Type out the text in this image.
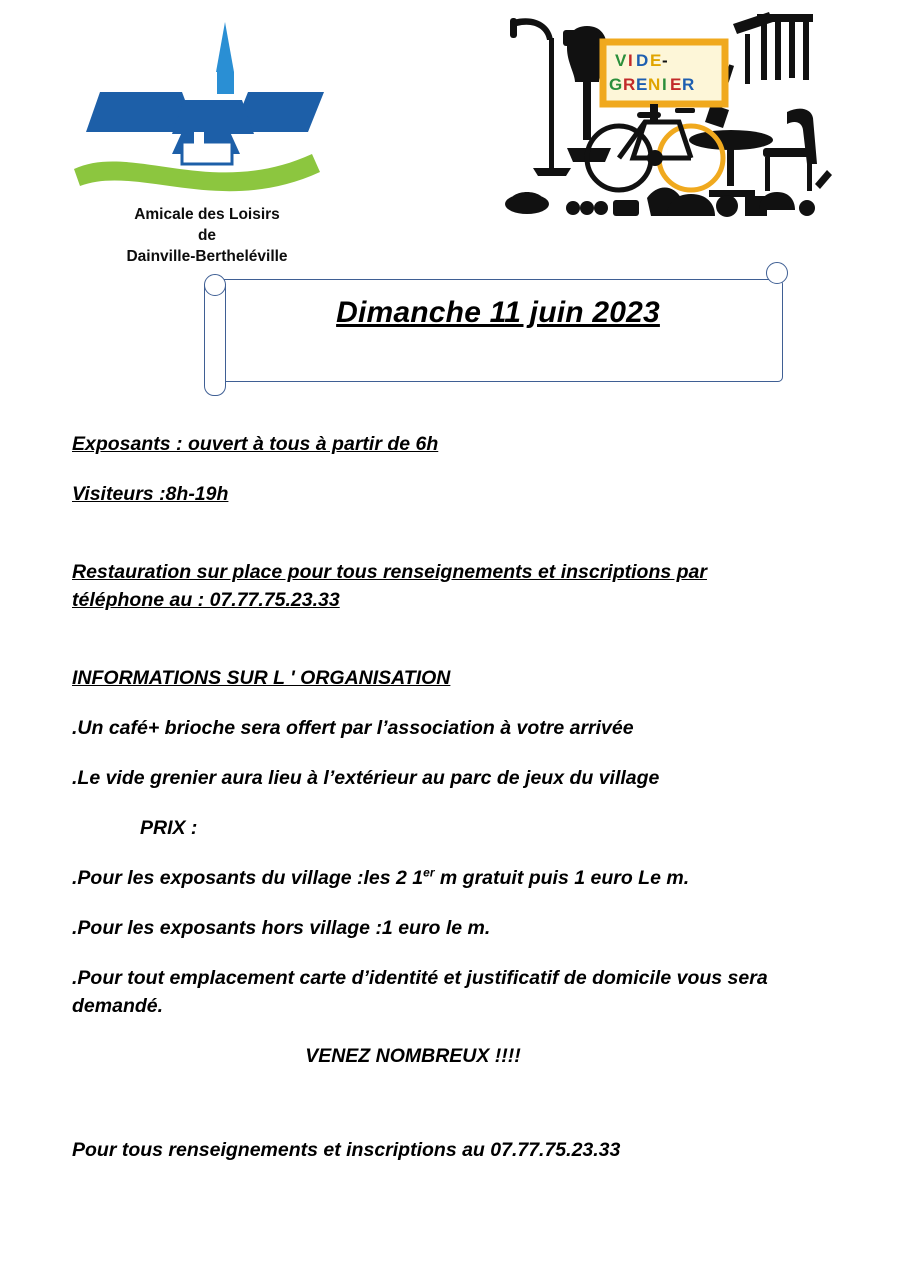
Amicale des Loisirs
de
Dainville-Bertheléville
V I D E -
G R E N I E R
Dimanche 11 juin 2023

Exposants : ouvert à tous à partir de 6h

Visiteurs :8h-19h

Restauration sur place pour tous renseignements et inscriptions par

téléphone au : 07.77.75.23.33

INFORMATIONS SUR L ' ORGANISATION

.Un café+ brioche sera offert par l’association à votre arrivée

.Le vide grenier aura lieu à l’extérieur au parc de jeux du village

PRIX :

.Pour les exposants du village :les 2 1er m gratuit puis 1 euro Le m.

.Pour les exposants hors village :1 euro le m.

.Pour tout emplacement carte d’identité et justificatif de domicile vous sera

demandé.

VENEZ NOMBREUX !!!!

Pour tous renseignements et inscriptions au 07.77.75.23.33
